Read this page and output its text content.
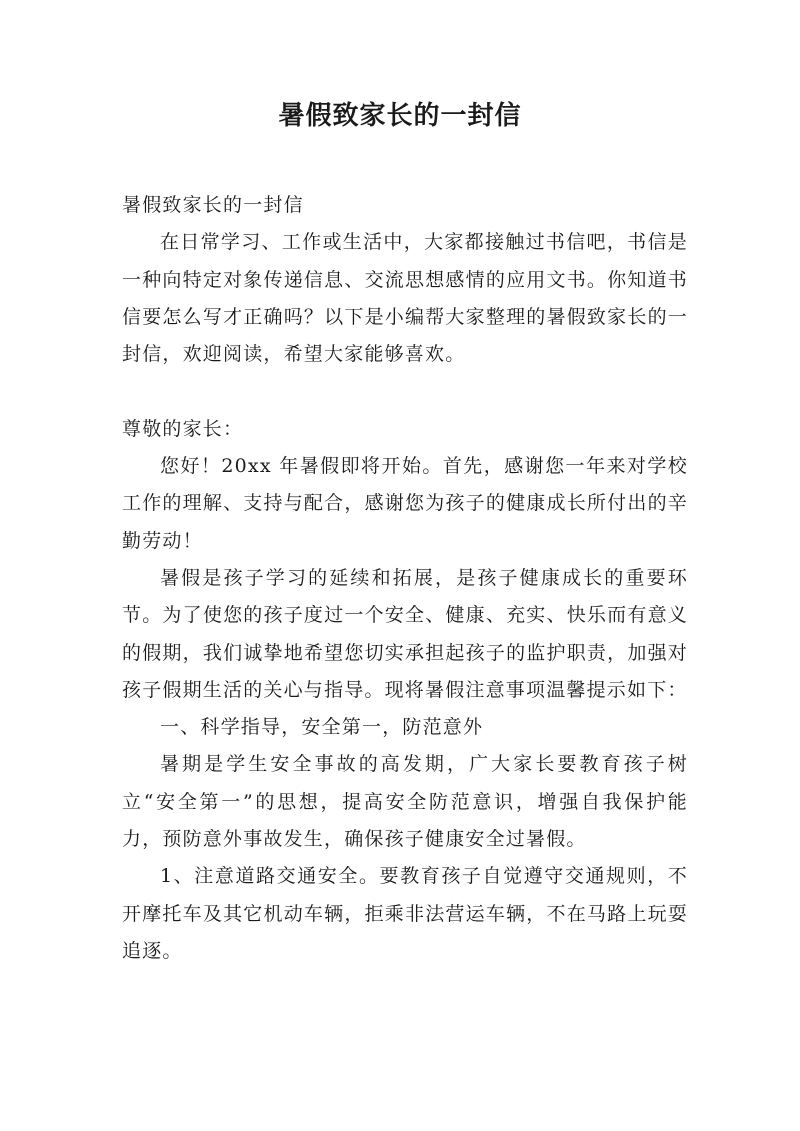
暑假致家长的一封信

暑假致家长的一封信

在日常学习、工作或生活中，大家都接触过书信吧，书信是一种向特定对象传递信息、交流思想感情的应用文书。你知道书信要怎么写才正确吗？以下是小编帮大家整理的暑假致家长的一封信，欢迎阅读，希望大家能够喜欢。

尊敬的家长：

您好！20xx 年暑假即将开始。首先，感谢您一年来对学校工作的理解、支持与配合，感谢您为孩子的健康成长所付出的辛勤劳动！

暑假是孩子学习的延续和拓展，是孩子健康成长的重要环节。为了使您的孩子度过一个安全、健康、充实、快乐而有意义的假期，我们诚挚地希望您切实承担起孩子的监护职责，加强对孩子假期生活的关心与指导。现将暑假注意事项温馨提示如下：

一、科学指导，安全第一，防范意外

暑期是学生安全事故的高发期，广大家长要教育孩子树立“安全第一”的思想，提高安全防范意识，增强自我保护能力，预防意外事故发生，确保孩子健康安全过暑假。

1、注意道路交通安全。要教育孩子自觉遵守交通规则，不开摩托车及其它机动车辆，拒乘非法营运车辆，不在马路上玩耍追逐。
